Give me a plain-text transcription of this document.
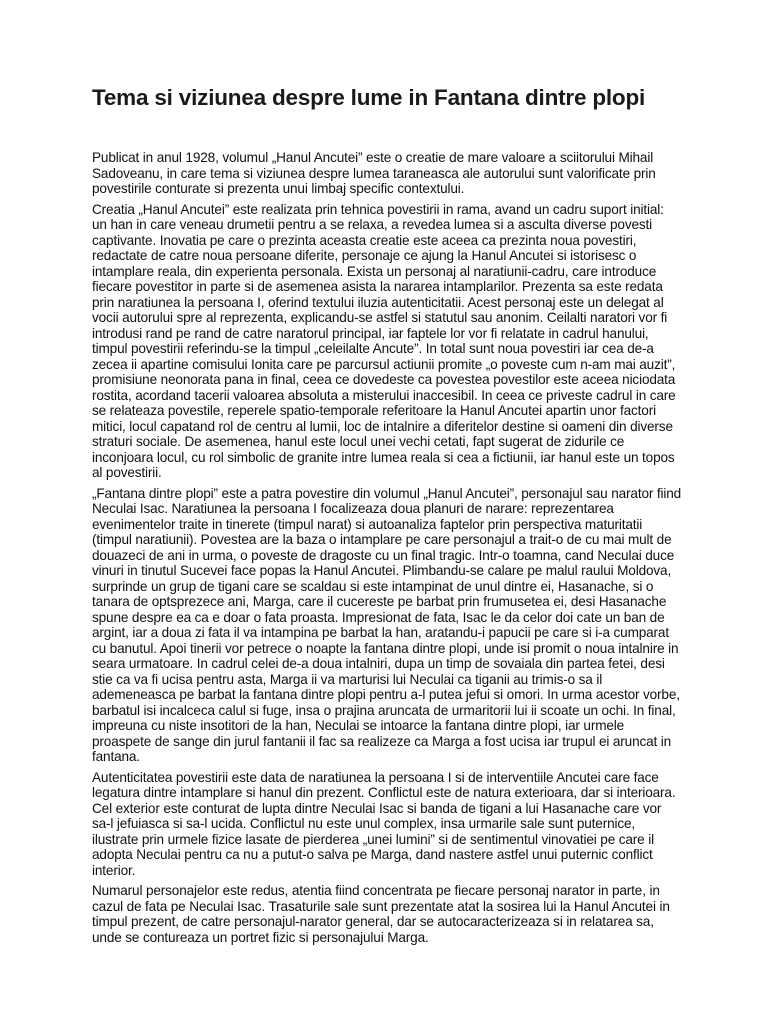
Tema si viziunea despre lume in Fantana dintre plopi

Publicat in anul 1928, volumul „Hanul Ancutei” este o creatie de mare valoare a sciitorului Mihail Sadoveanu, in care tema si viziunea despre lumea taraneasca ale autorului sunt valorificate prin povestirile conturate si prezenta unui limbaj specific contextului.

Creatia „Hanul Ancutei” este realizata prin tehnica povestirii in rama, avand un cadru suport initial: un han in care veneau drumetii pentru a se relaxa, a revedea lumea si a asculta diverse povesti captivante. Inovatia pe care o prezinta aceasta creatie este aceea ca prezinta noua povestiri, redactate de catre noua persoane diferite, personaje ce ajung la Hanul Ancutei si istorisesc o intamplare reala, din experienta personala. Exista un personaj al naratiunii-cadru, care introduce fiecare povestitor in parte si de asemenea asista la nararea intamplarilor. Prezenta sa este redata prin naratiunea la persoana I, oferind textului iluzia autenticitatii. Acest personaj este un delegat al vocii autorului spre al reprezenta, explicandu-se astfel si statutul sau anonim. Ceilalti naratori vor fi introdusi rand pe rand de catre naratorul principal, iar faptele lor vor fi relatate in cadrul hanului, timpul povestirii referindu-se la timpul „celeilalte Ancute”. In total sunt noua povestiri iar cea de-a zecea ii apartine comisului Ionita care pe parcursul actiunii promite „o poveste cum n-am mai auzit”, promisiune neonorata pana in final, ceea ce dovedeste ca povestea povestilor este aceea niciodata rostita, acordand tacerii valoarea absoluta a misterului inaccesibil. In ceea ce priveste cadrul in care se relateaza povestile, reperele spatio-temporale referitoare la Hanul Ancutei apartin unor factori mitici, locul capatand rol de centru al lumii, loc de intalnire a diferitelor destine si oameni din diverse straturi sociale. De asemenea, hanul este locul unei vechi cetati, fapt sugerat de zidurile ce inconjoara locul, cu rol simbolic de granite intre lumea reala si cea a fictiunii, iar hanul este un topos al povestirii.

„Fantana dintre plopi” este a patra povestire din volumul „Hanul Ancutei”, personajul sau narator fiind Neculai Isac. Naratiunea la persoana I focalizeaza doua planuri de narare: reprezentarea evenimentelor traite in tinerete (timpul narat) si autoanaliza faptelor prin perspectiva maturitatii (timpul naratiunii). Povestea are la baza o intamplare pe care personajul a trait-o de cu mai mult de douazeci de ani in urma, o poveste de dragoste cu un final tragic. Intr-o toamna, cand Neculai duce vinuri in tinutul Sucevei face popas la Hanul Ancutei. Plimbandu-se calare pe malul raului Moldova, surprinde un grup de tigani care se scaldau si este intampinat de unul dintre ei, Hasanache, si o tanara de optsprezece ani, Marga, care il cucereste pe barbat prin frumusetea ei, desi Hasanache spune despre ea ca e doar o fata proasta. Impresionat de fata, Isac le da celor doi cate un ban de argint, iar a doua zi fata il va intampina pe barbat la han, aratandu-i papucii pe care si i-a cumparat cu banutul. Apoi tinerii vor petrece o noapte la fantana dintre plopi, unde isi promit o noua intalnire in seara urmatoare. In cadrul celei de-a doua intalniri, dupa un timp de sovaiala din partea fetei, desi stie ca va fi ucisa pentru asta, Marga ii va marturisi lui Neculai ca tiganii au trimis-o sa il ademeneasca pe barbat la fantana dintre plopi pentru a-l putea jefui si omori. In urma acestor vorbe, barbatul isi incalceca calul si fuge, insa o prajina aruncata de urmaritorii lui ii scoate un ochi. In final, impreuna cu niste insotitori de la han, Neculai se intoarce la fantana dintre plopi, iar urmele proaspete de sange din jurul fantanii il fac sa realizeze ca Marga a fost ucisa iar trupul ei aruncat in fantana.

Autenticitatea povestirii este data de naratiunea la persoana I si de interventiile Ancutei care face legatura dintre intamplare si hanul din prezent. Conflictul este de natura exterioara, dar si interioara. Cel exterior este conturat de lupta dintre Neculai Isac si banda de tigani a lui Hasanache care vor sa-l jefuiasca si sa-l ucida. Conflictul nu este unul complex, insa urmarile sale sunt puternice, ilustrate prin urmele fizice lasate de pierderea „unei lumini” si de sentimentul vinovatiei pe care il adopta Neculai pentru ca nu a putut-o salva pe Marga, dand nastere astfel unui puternic conflict interior.

Numarul personajelor este redus, atentia fiind concentrata pe fiecare personaj narator in parte, in cazul de fata pe Neculai Isac. Trasaturile sale sunt prezentate atat la sosirea lui la Hanul Ancutei in timpul prezent, de catre personajul-narator general, dar se autocaracterizeaza si in relatarea sa, unde se contureaza un portret fizic si personajului Marga.
